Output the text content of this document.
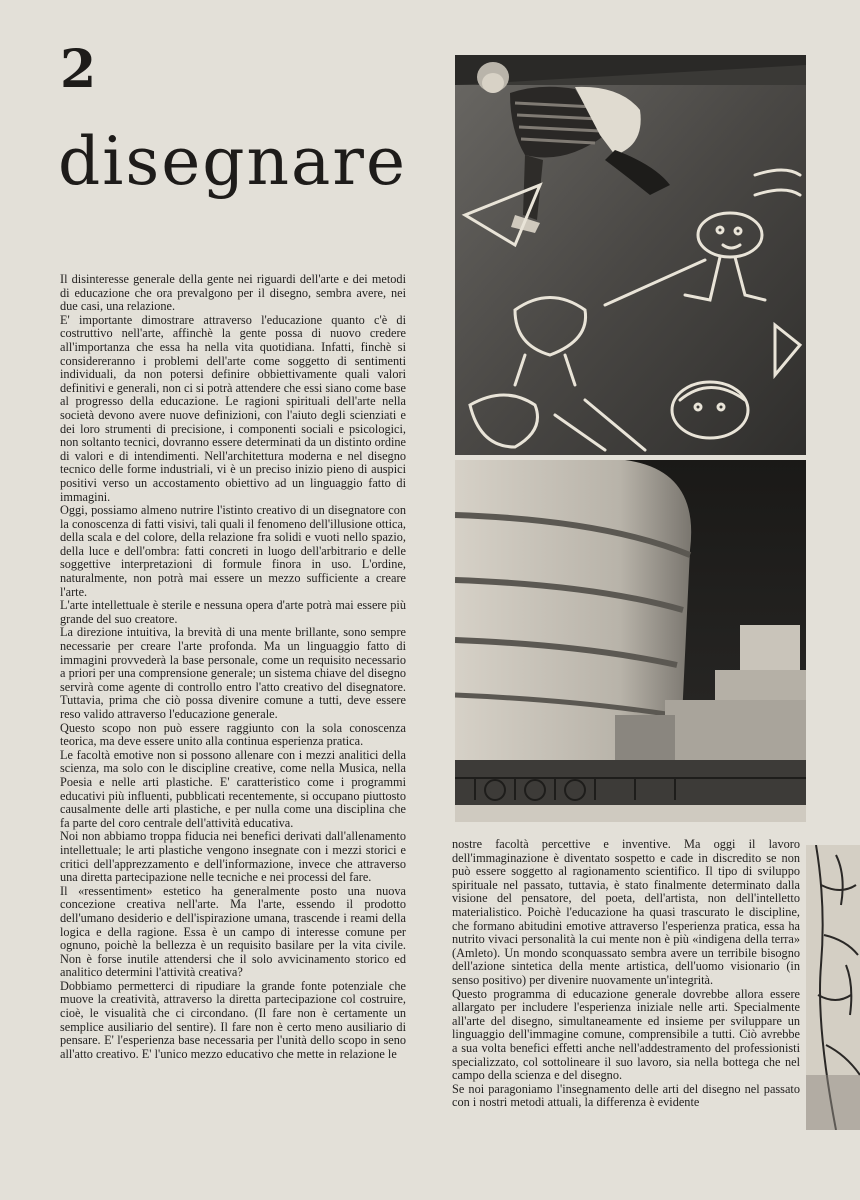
2
disegnare

Il disinteresse generale della gente nei riguardi dell'arte e dei metodi di educazione che ora prevalgono per il disegno, sembra avere, nei due casi, una relazione.

E' importante dimostrare attraverso l'educazione quanto c'è di costruttivo nell'arte, affinchè la gente possa di nuovo credere all'importanza che essa ha nella vita quotidiana. Infatti, finchè si considereranno i problemi dell'arte come soggetto di sentimenti individuali, da non potersi definire obbiettivamente quali valori definitivi e generali, non ci si potrà attendere che essi siano come base al progresso della educazione. Le ragioni spirituali dell'arte nella società devono avere nuove definizioni, con l'aiuto degli scienziati e dei loro strumenti di precisione, i componenti sociali e psicologici, non soltanto tecnici, dovranno essere determinati da un distinto ordine di valori e di intendimenti. Nell'architettura moderna e nel disegno tecnico delle forme industriali, vi è un preciso inizio pieno di auspici positivi verso un accostamento obiettivo ad un linguaggio fatto di immagini.

Oggi, possiamo almeno nutrire l'istinto creativo di un disegnatore con la conoscenza di fatti visivi, tali quali il fenomeno dell'illusione ottica, della scala e del colore, della relazione fra solidi e vuoti nello spazio, della luce e dell'ombra: fatti concreti in luogo dell'arbitrario e delle soggettive interpretazioni di formule finora in uso. L'ordine, naturalmente, non potrà mai essere un mezzo sufficiente a creare l'arte.

L'arte intellettuale è sterile e nessuna opera d'arte potrà mai essere più grande del suo creatore.

La direzione intuitiva, la brevità di una mente brillante, sono sempre necessarie per creare l'arte profonda. Ma un linguaggio fatto di immagini provvederà la base personale, come un requisito necessario a priori per una comprensione generale; un sistema chiave del disegno servirà come agente di controllo entro l'atto creativo del disegnatore. Tuttavia, prima che ciò possa divenire comune a tutti, deve essere reso valido attraverso l'educazione generale.

Questo scopo non può essere raggiunto con la sola conoscenza teorica, ma deve essere unito alla continua esperienza pratica.

Le facoltà emotive non si possono allenare con i mezzi analitici della scienza, ma solo con le discipline creative, come nella Musica, nella Poesia e nelle arti plastiche. E' caratteristico come i programmi educativi più influenti, pubblicati recentemente, si occupano piuttosto causalmente delle arti plastiche, e per nulla come una disciplina che fa parte del coro centrale dell'attività educativa.

Noi non abbiamo troppa fiducia nei benefici derivati dall'allenamento intellettuale; le arti plastiche vengono insegnate con i mezzi storici e critici dell'apprezzamento e dell'informazione, invece che attraverso una diretta partecipazione nelle tecniche e nei processi del fare.

Il «ressentiment» estetico ha generalmente posto una nuova concezione creativa nell'arte. Ma l'arte, essendo il prodotto dell'umano desiderio e dell'ispirazione umana, trascende i reami della logica e della ragione. Essa è un campo di interesse comune per ognuno, poichè la bellezza è un requisito basilare per la vita civile. Non è forse inutile attendersi che il solo avvicinamento storico ed analitico determini l'attività creativa?

Dobbiamo permetterci di ripudiare la grande fonte potenziale che muove la creatività, attraverso la diretta partecipazione col costruire, cioè, le visualità che ci circondano. (Il fare non è certamente un semplice ausiliario del sentire). Il fare non è certo meno ausiliario di pensare. E' l'esperienza base necessaria per l'unità dello scopo in seno all'atto creativo. E' l'unico mezzo educativo che mette in relazione le

nostre facoltà percettive e inventive. Ma oggi il lavoro dell'immaginazione è diventato sospetto e cade in discredito se non può essere soggetto al ragionamento scientifico. Il tipo di sviluppo spirituale nel passato, tuttavia, è stato finalmente determinato dalla visione del pensatore, del poeta, dell'artista, non dell'intelletto materialistico. Poichè l'educazione ha quasi trascurato le discipline, che formano abitudini emotive attraverso l'esperienza pratica, essa ha nutrito vivaci personalità la cui mente non è più «indigena della terra» (Amleto). Un mondo sconquassato sembra avere un terribile bisogno dell'azione sintetica della mente artistica, dell'uomo visionario (in senso positivo) per divenire nuovamente un'integrità.

Questo programma di educazione generale dovrebbe allora essere allargato per includere l'esperienza iniziale nelle arti. Specialmente all'arte del disegno, simultaneamente ed insieme per sviluppare un linguaggio dell'immagine comune, comprensibile a tutti. Ciò avrebbe a sua volta benefici effetti anche nell'addestramento del professionisti specializzato, col sottolineare il suo lavoro, sia nella bottega che nel campo della scienza e del disegno.

Se noi paragoniamo l'insegnamento delle arti del disegno nel passato con i nostri metodi attuali, la differenza è evidente
